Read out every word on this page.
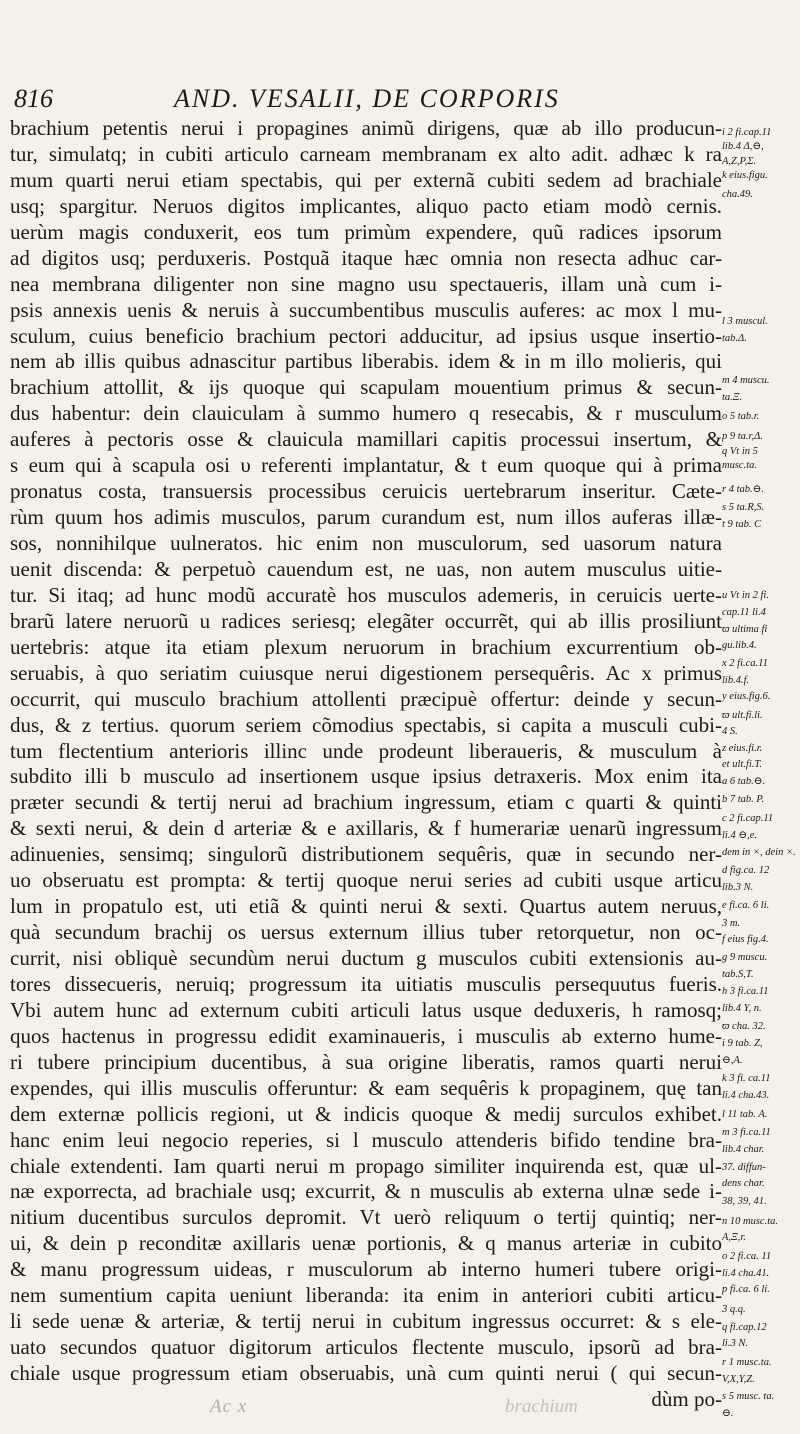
816	AND. VESALII, DE CORPORIS
brachium petentis nerui i propagines animũ dirigens, quæ ab illo producun-
tur, simulatq; in cubiti articulo carneam membranam ex alto adit. adhæc k ra
mum quarti nerui etiam spectabis, qui per externã cubiti sedem ad brachiale
usq; spargitur. Neruos digitos implicantes, aliquo pacto etiam modò cernis.
uerùm magis conduxerit, eos tum primùm expendere, quũ radices ipsorum
ad digitos usq; perduxeris. Postquã itaque hæc omnia non resecta adhuc car-
nea membrana diligenter non sine magno usu spectaueris, illam unà cum i-
psis annexis uenis & neruis à succumbentibus musculis auferes: ac mox l mu-
sculum, cuius beneficio brachium pectori adducitur, ad ipsius usque insertio-
nem ab illis quibus adnascitur partibus liberabis. idem & in m illo molieris, qui
brachium attollit, & ijs quoque qui scapulam mouentium primus & secun-
dus habentur: dein clauiculam à summo humero q resecabis, & r musculum
auferes à pectoris osse & clauicula mamillari capitis processui insertum, &
s eum qui à scapula osi υ referenti implantatur, & t eum quoque qui à prima
pronatus costa, transuersis processibus ceruicis uertebrarum inseritur. Cæte-
rùm quum hos adimis musculos, parum curandum est, num illos auferas illæ-
sos, nonnihilque uulneratos. hic enim non musculorum, sed uasorum natura
uenit discenda: & perpetuò cauendum est, ne uas, non autem musculus uitie-
tur. Si itaq; ad hunc modũ accuratè hos musculos ademeris, in ceruicis uerte-
brarũ latere neruorũ u radices seriesq; elegãter occurrẽt, qui ab illis prosiliunt
uertebris: atque ita etiam plexum neruorum in brachium excurrentium ob-
seruabis, à quo seriatim cuiusque nerui digestionem persequêris. Ac x primus
occurrit, qui musculo brachium attollenti præcipuè offertur: deinde y secun-
dus, & z tertius. quorum seriem cõmodius spectabis, si capita a musculi cubi-
tum flectentium anterioris illinc unde prodeunt liberaueris, & musculum à
subdito illi b musculo ad insertionem usque ipsius detraxeris. Mox enim ita
præter secundi & tertij nerui ad brachium ingressum, etiam c quarti & quinti
& sexti nerui, & dein d arteriæ & e axillaris, & f humerariæ uenarũ ingressum
adinuenies, sensimq; singulorũ distributionem sequêris, quæ in secundo ner-
uo obseruatu est prompta: & tertij quoque nerui series ad cubiti usque articu
lum in propatulo est, uti etiã & quinti nerui & sexti. Quartus autem neruus,
quà secundum brachij os uersus externum illius tuber retorquetur, non oc-
currit, nisi obliquè secundùm nerui ductum g musculos cubiti extensionis au-
tores dissecueris, neruiq; progressum ita uitiatis musculis persequutus fueris.
Vbi autem hunc ad externum cubiti articuli latus usque deduxeris, h ramosq;
quos hactenus in progressu edidit examinaueris, i musculis ab externo hume-
ri tubere principium ducentibus, à sua origine liberatis, ramos quarti nerui
expendes, qui illis musculis offeruntur: & eam sequêris k propaginem, quę tan
dem externæ pollicis regioni, ut & indicis quoque & medij surculos exhibet.
hanc enim leui negocio reperies, si l musculo attenderis bifido tendine bra-
chiale extendenti. Iam quarti nerui m propago similiter inquirenda est, quæ ul-
næ exporrecta, ad brachiale usq; excurrit, & n musculis ab externa ulnæ sede i-
nitium ducentibus surculos depromit. Vt uerò reliquum o tertij quintiq; ner-
ui, & dein p reconditæ axillaris uenæ portionis, & q manus arteriæ in cubito
& manu progressum uideas, r musculorum ab interno humeri tubere origi-
nem sumentium capita ueniunt liberanda: ita enim in anteriori cubiti articu-
li sede uenæ & arteriæ, & tertij nerui in cubitum ingressus occurret: & s ele-
uato secundos quatuor digitorum articulos flectente musculo, ipsorũ ad bra-
chiale usque progressum etiam obseruabis, unà cum quinti nerui ( qui secun-
dùm po-
i 2 fi.cap.11
lib.4 Δ,⊖,
A,Z,P,Σ.
k eius.figu.
cha.49.
l 3 muscul.
tab.Δ.
m 4 muscu.
ta.Ξ.
o 5 tab.r.
p 9 ta.r,Δ.
q Vt in 5
musc.ta.
r 4 tab.⊖.
s 5 ta.R,S.
t 9 tab. C
u Vt in 2 fi.
cap.11 li.4
ϖ ultima fi
gu.lib.4.
x 2 fi.ca.11
lib.4.f.
y eius.fig.6.
ϖ ult.fi.li.
4 S.
z eius.fi.r.
et ult.fi.T.
a 6 tab.⊖.
b 7 tab. P.
c 2 fi.cap.11
li.4 ⊖,e.
dem in ×, dein ×.
d fig.ca. 12
lib.3 N.
e fi.ca. 6 li.
3 m.
f eius fig.4.
g 9 muscu.
tab.S,T.
h 3 fi.ca.11
lib.4 Y, n.
ϖ cha. 32.
i 9 tab. Z,
⊖,A.
k 3 fi. ca.11
li.4 cha.43.
l 11 tab. A.
m 3 fi.ca.11
lib.4 char.
37. diffun-
dens char.
38, 39, 41.
n 10 musc.ta.
A,Ξ,r.
o 2 fi.ca. 11
li.4 cha.41.
p fi.ca. 6 li.
3 q.q.
q fi.cap.12
li.3 N.
r 1 musc.ta.
V,X,Y,Z.
s 5 musc. ta.
⊖.
Ac x	brachium
